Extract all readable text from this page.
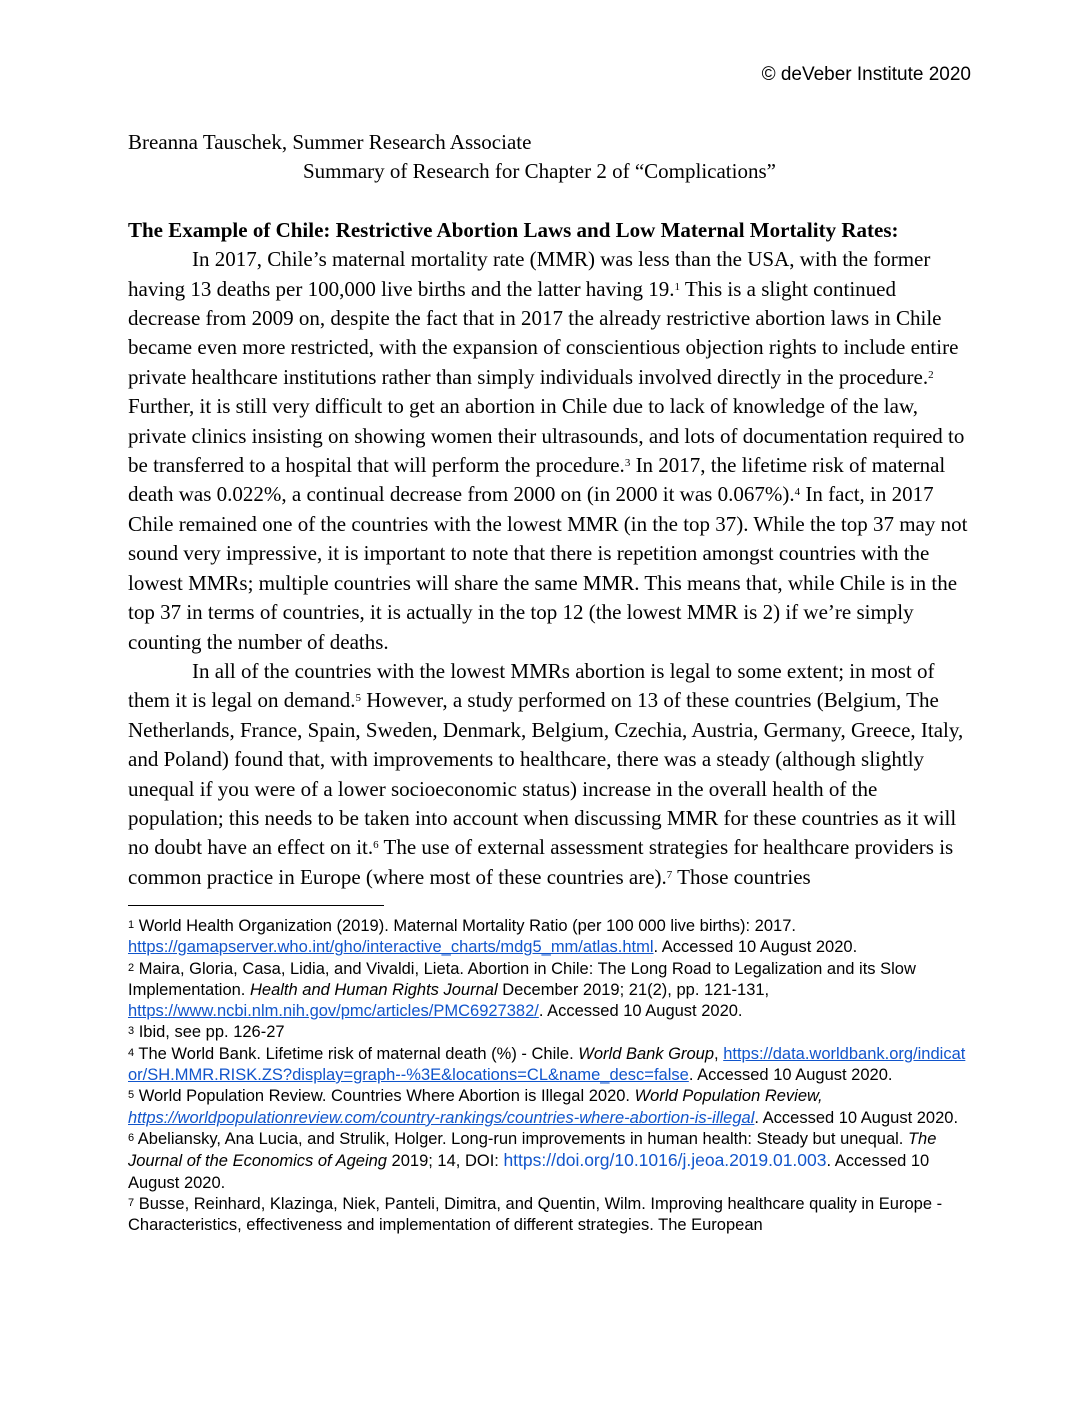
© deVeber Institute 2020

Breanna Tauschek, Summer Research Associate

Summary of Research for Chapter 2 of “Complications”

The Example of Chile: Restrictive Abortion Laws and Low Maternal Mortality Rates:

In 2017, Chile’s maternal mortality rate (MMR) was less than the USA, with the former having 13 deaths per 100,000 live births and the latter having 19.$^1$ This is a slight continued decrease from 2009 on, despite the fact that in 2017 the already restrictive abortion laws in Chile became even more restricted, with the expansion of conscientious objection rights to include entire private healthcare institutions rather than simply individuals involved directly in the procedure.$^2$ Further, it is still very difficult to get an abortion in Chile due to lack of knowledge of the law, private clinics insisting on showing women their ultrasounds, and lots of documentation required to be transferred to a hospital that will perform the procedure.$^3$ In 2017, the lifetime risk of maternal death was 0.022%, a continual decrease from 2000 on (in 2000 it was 0.067%).$^4$ In fact, in 2017 Chile remained one of the countries with the lowest MMR (in the top 37). While the top 37 may not sound very impressive, it is important to note that there is repetition amongst countries with the lowest MMRs; multiple countries will share the same MMR. This means that, while Chile is in the top 37 in terms of countries, it is actually in the top 12 (the lowest MMR is 2) if we’re simply counting the number of deaths.

In all of the countries with the lowest MMRs abortion is legal to some extent; in most of them it is legal on demand.$^5$ However, a study performed on 13 of these countries (Belgium, The Netherlands, France, Spain, Sweden, Denmark, Belgium, Czechia, Austria, Germany, Greece, Italy, and Poland) found that, with improvements to healthcare, there was a steady (although slightly unequal if you were of a lower socioeconomic status) increase in the overall health of the population; this needs to be taken into account when discussing MMR for these countries as it will no doubt have an effect on it.$^6$ The use of external assessment strategies for healthcare providers is common practice in Europe (where most of these countries are).$^7$ Those countries

$^1$ World Health Organization (2019). Maternal Mortality Ratio (per 100 000 live births): 2017. https://gamapserver.who.int/gho/interactive_charts/mdg5_mm/atlas.html. Accessed 10 August 2020.

$^2$ Maira, Gloria, Casa, Lidia, and Vivaldi, Lieta. Abortion in Chile: The Long Road to Legalization and its Slow Implementation. Health and Human Rights Journal December 2019; 21(2), pp. 121-131, https://www.ncbi.nlm.nih.gov/pmc/articles/PMC6927382/. Accessed 10 August 2020.

$^3$ Ibid, see pp. 126-27

$^4$ The World Bank. Lifetime risk of maternal death (%) - Chile. World Bank Group, https://data.worldbank.org/indicator/SH.MMR.RISK.ZS?display=graph--%3E&locations=CL&name_desc=false. Accessed 10 August 2020.

$^5$ World Population Review. Countries Where Abortion is Illegal 2020. World Population Review, https://worldpopulationreview.com/country-rankings/countries-where-abortion-is-illegal. Accessed 10 August 2020.

$^6$ Abeliansky, Ana Lucia, and Strulik, Holger. Long-run improvements in human health: Steady but unequal. The Journal of the Economics of Ageing 2019; 14, DOI: https://doi.org/10.1016/j.jeoa.2019.01.003. Accessed 10 August 2020.

$^7$ Busse, Reinhard, Klazinga, Niek, Panteli, Dimitra, and Quentin, Wilm. Improving healthcare quality in Europe - Characteristics, effectiveness and implementation of different strategies. The European
